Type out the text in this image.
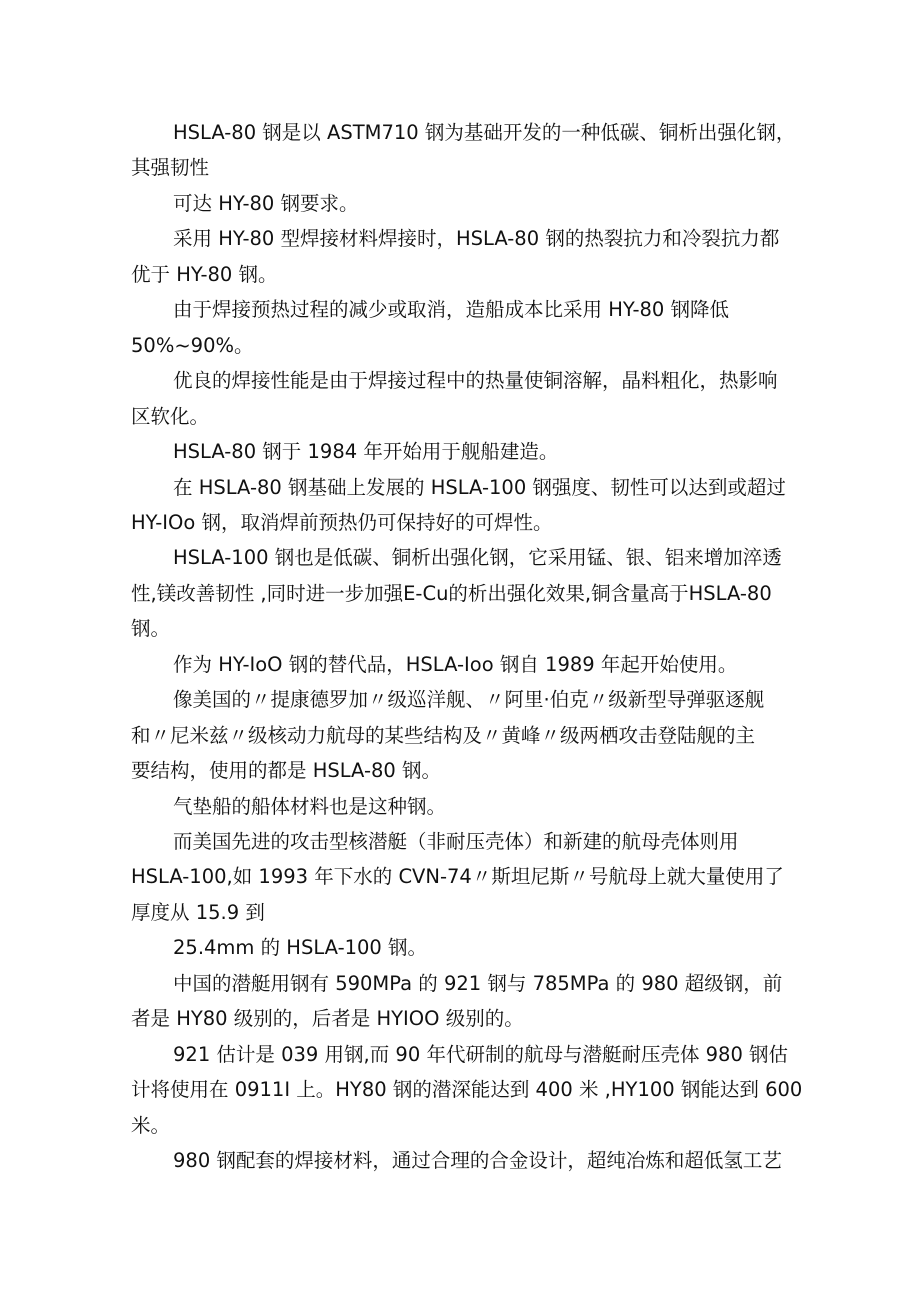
HSLA-80 钢是以 ASTM710 钢为基础开发的一种低碳、铜析出强化钢，
其强韧性
可达 HY-80 钢要求。
采用 HY-80 型焊接材料焊接时，HSLA-80 钢的热裂抗力和冷裂抗力都
优于 HY-80 钢。
由于焊接预热过程的减少或取消，造船成本比采用 HY-80 钢降低
50%~90%。
优良的焊接性能是由于焊接过程中的热量使铜溶解，晶料粗化，热影响
区软化。
HSLA-80 钢于 1984 年开始用于舰船建造。
在 HSLA-80 钢基础上发展的 HSLA-100 钢强度、韧性可以达到或超过
HY-IOo 钢，取消焊前预热仍可保持好的可焊性。
HSLA-100 钢也是低碳、铜析出强化钢，它采用锰、银、铝来增加淬透
性,镁改善韧性 ,同时进一步加强E-Cu的析出强化效果,铜含量高于HSLA-80
钢。
作为 HY-IoO 钢的替代品，HSLA-Ioo 钢自 1989 年起开始使用。
像美国的〃提康德罗加〃级巡洋舰、〃阿里·伯克〃级新型导弹驱逐舰
和〃尼米兹〃级核动力航母的某些结构及〃黄峰〃级两栖攻击登陆舰的主
要结构，使用的都是 HSLA-80 钢。
气垫船的船体材料也是这种钢。
而美国先进的攻击型核潜艇（非耐压壳体）和新建的航母壳体则用
HSLA-100,如 1993 年下水的 CVN-74〃斯坦尼斯〃号航母上就大量使用了
厚度从 15.9 到
25.4mm 的 HSLA-100 钢。
中国的潜艇用钢有 590MPa 的 921 钢与 785MPa 的 980 超级钢，前
者是 HY80 级别的，后者是 HYIOO 级别的。
921 估计是 039 用钢,而 90 年代研制的航母与潜艇耐压壳体 980 钢估
计将使用在 0911I 上。HY80 钢的潜深能达到 400 米 ,HY100 钢能达到 600
米。
980 钢配套的焊接材料，通过合理的合金设计，超纯冶炼和超低氢工艺
